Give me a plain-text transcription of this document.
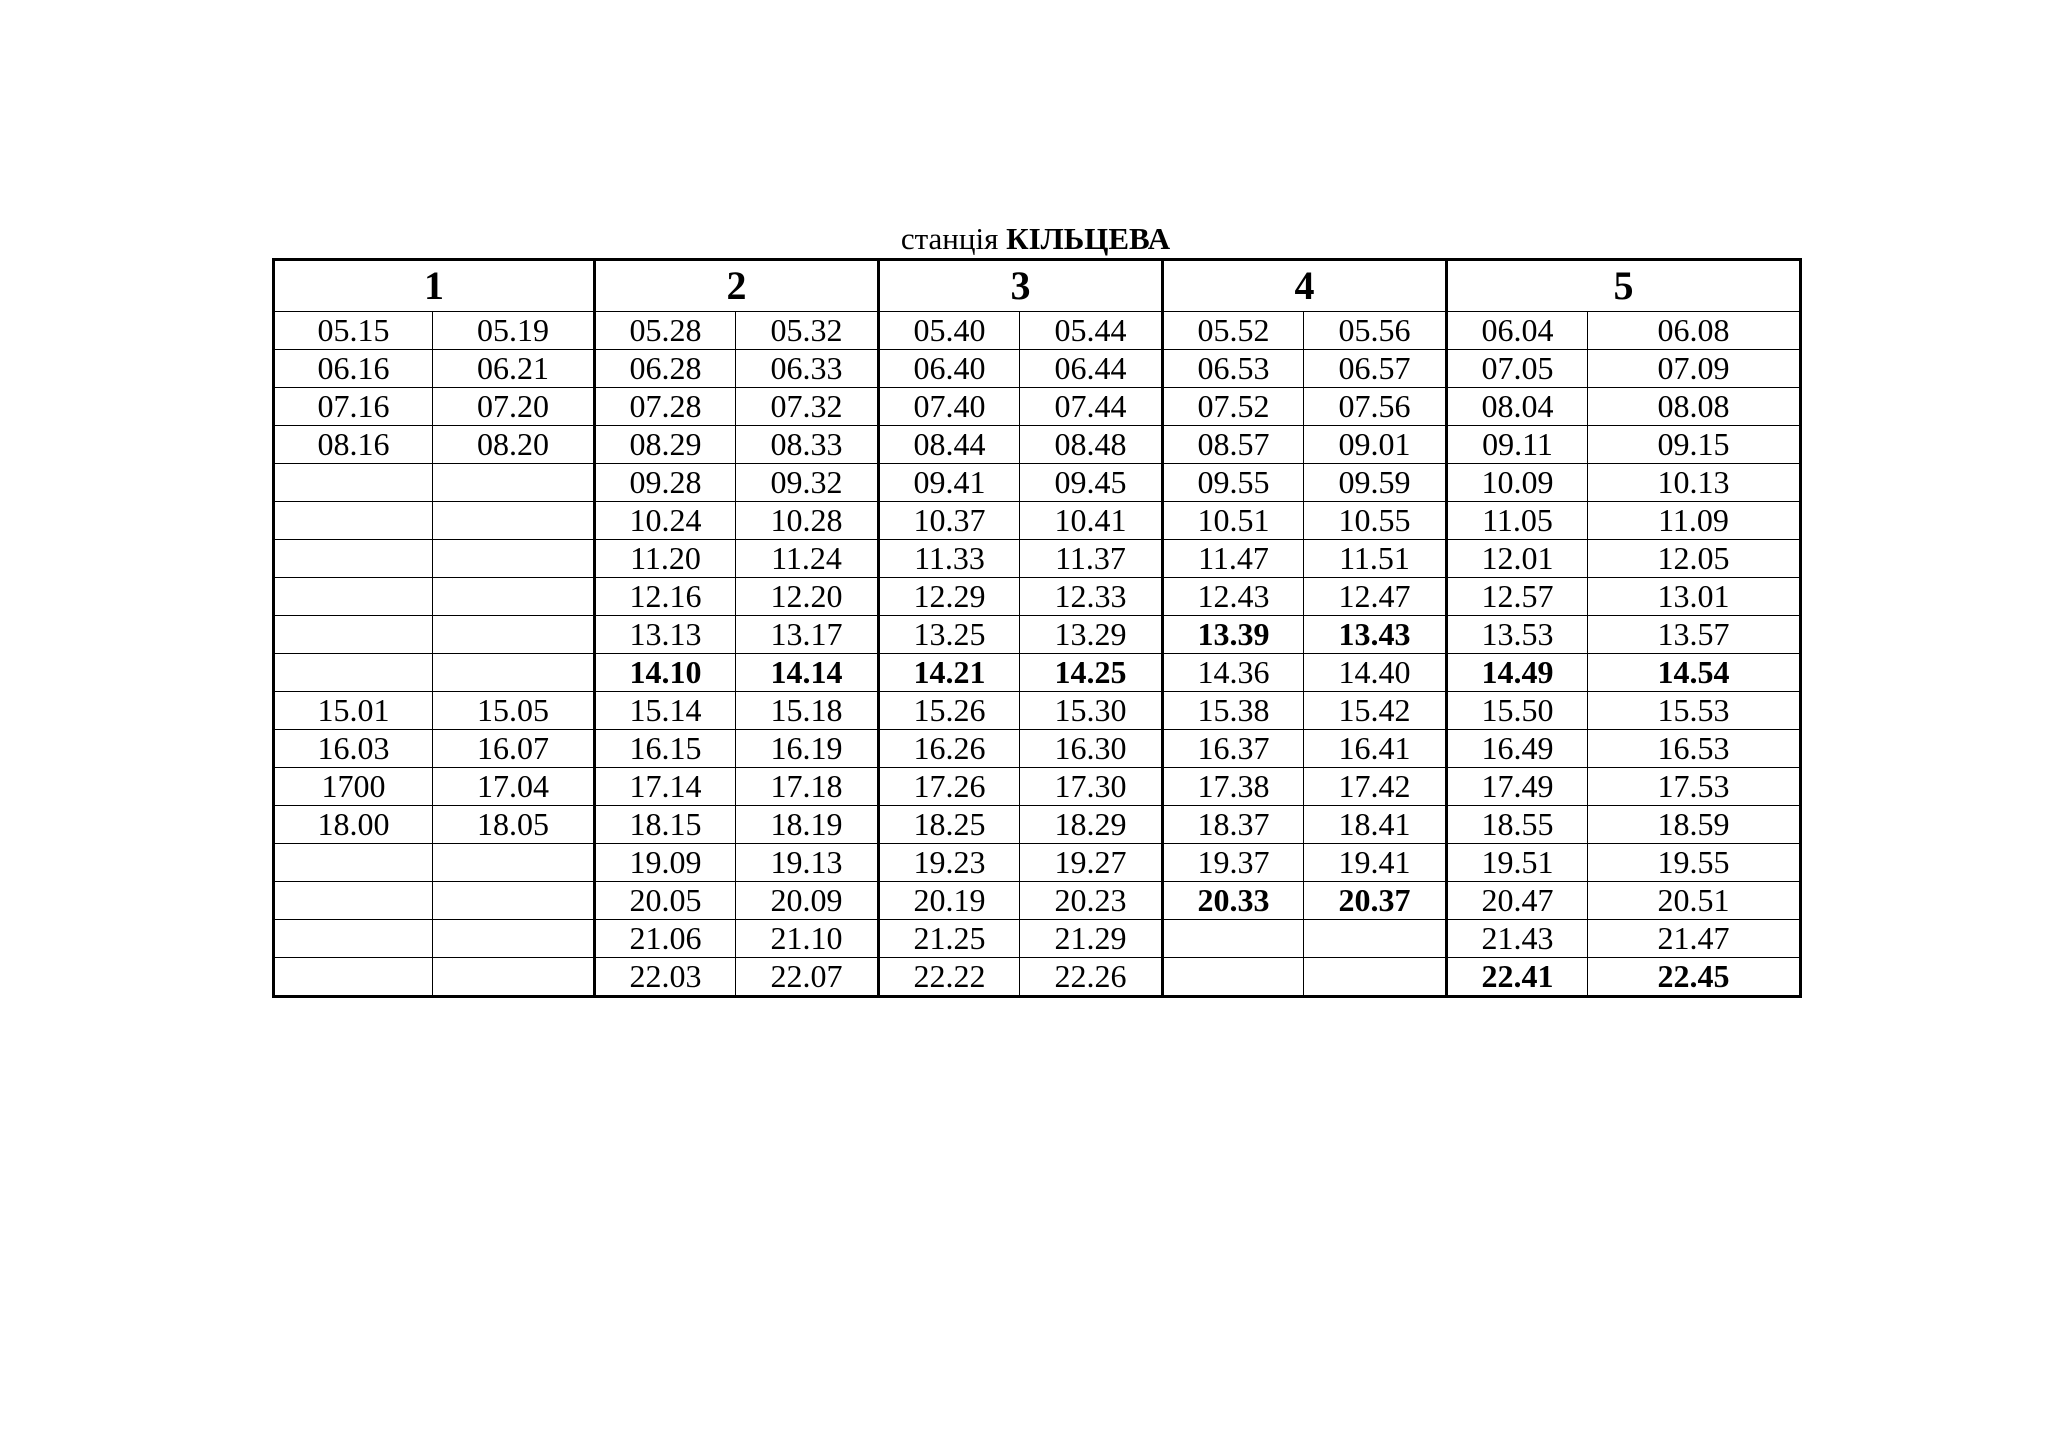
станція КІЛЬЦЕВА
1		2		3		4		5	
05.15	05.19	05.28	05.32	05.40	05.44	05.52	05.56	06.04	06.08
06.16	06.21	06.28	06.33	06.40	06.44	06.53	06.57	07.05	07.09
07.16	07.20	07.28	07.32	07.40	07.44	07.52	07.56	08.04	08.08
08.16	08.20	08.29	08.33	08.44	08.48	08.57	09.01	09.11	09.15
		09.28	09.32	09.41	09.45	09.55	09.59	10.09	10.13
		10.24	10.28	10.37	10.41	10.51	10.55	11.05	11.09
		11.20	11.24	11.33	11.37	11.47	11.51	12.01	12.05
		12.16	12.20	12.29	12.33	12.43	12.47	12.57	13.01
		13.13	13.17	13.25	13.29	13.39	13.43	13.53	13.57
		14.10	14.14	14.21	14.25	14.36	14.40	14.49	14.54
15.01	15.05	15.14	15.18	15.26	15.30	15.38	15.42	15.50	15.53
16.03	16.07	16.15	16.19	16.26	16.30	16.37	16.41	16.49	16.53
1700	17.04	17.14	17.18	17.26	17.30	17.38	17.42	17.49	17.53
18.00	18.05	18.15	18.19	18.25	18.29	18.37	18.41	18.55	18.59
		19.09	19.13	19.23	19.27	19.37	19.41	19.51	19.55
		20.05	20.09	20.19	20.23	20.33	20.37	20.47	20.51
		21.06	21.10	21.25	21.29			21.43	21.47
		22.03	22.07	22.22	22.26			22.41	22.45
